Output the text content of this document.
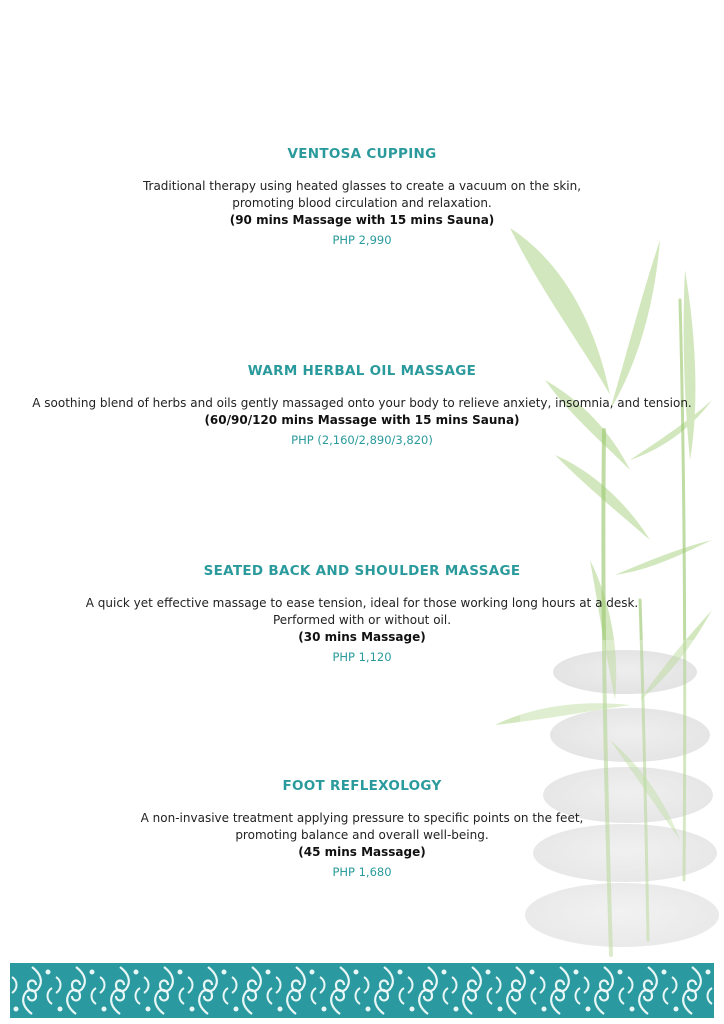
VENTOSA CUPPING
Traditional therapy using heated glasses to create a vacuum on the skin,
promoting blood circulation and relaxation.
(90 mins Massage with 15 mins Sauna)
PHP 2,990
WARM HERBAL OIL MASSAGE
A soothing blend of herbs and oils gently massaged onto your body to relieve anxiety, insomnia, and tension.
(60/90/120 mins Massage with 15 mins Sauna)
PHP (2,160/2,890/3,820)
SEATED BACK AND SHOULDER MASSAGE
A quick yet effective massage to ease tension, ideal for those working long hours at a desk.
Performed with or without oil.
(30 mins Massage)
PHP 1,120
FOOT REFLEXOLOGY
A non-invasive treatment applying pressure to specific points on the feet,
promoting balance and overall well-being.
(45 mins Massage)
PHP 1,680
